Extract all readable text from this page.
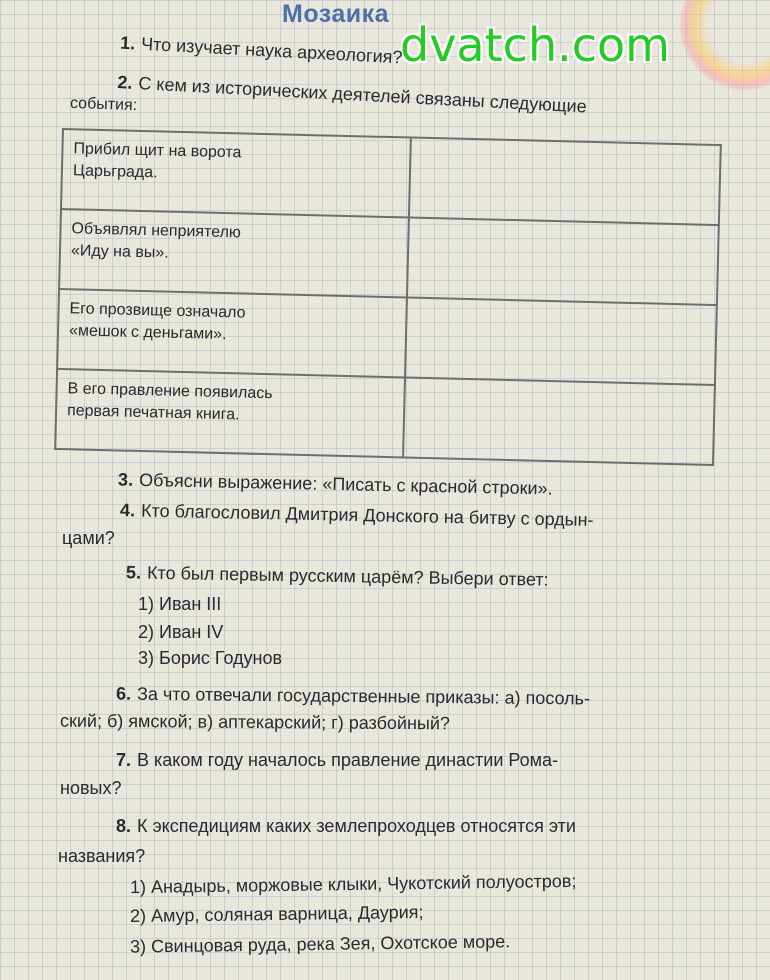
Мозаика
dvatch.com
1. Что изучает наука археология?
2. С кем из исторических деятелей связаны следующие
события:
Прибил щит на ворота
Царьграда.	
Объявлял неприятелю
«Иду на вы».	
Его прозвище означало
«мешок с деньгами».	
В его правление появилась
первая печатная книга.	
3. Объясни выражение: «Писать с красной строки».
4. Кто благословил Дмитрия Донского на битву с ордын-
цами?
5. Кто был первым русским царём? Выбери ответ:
1) Иван III
2) Иван IV
3) Борис Годунов
6. За что отвечали государственные приказы: а) посоль-
ский; б) ямской; в) аптекарский; г) разбойный?
7. В каком году началось правление династии Рома-
новых?
8. К экспедициям каких землепроходцев относятся эти
названия?
1) Анадырь, моржовые клыки, Чукотский полуостров;
2) Амур, соляная варница, Даурия;
3) Свинцовая руда, река Зея, Охотское море.
